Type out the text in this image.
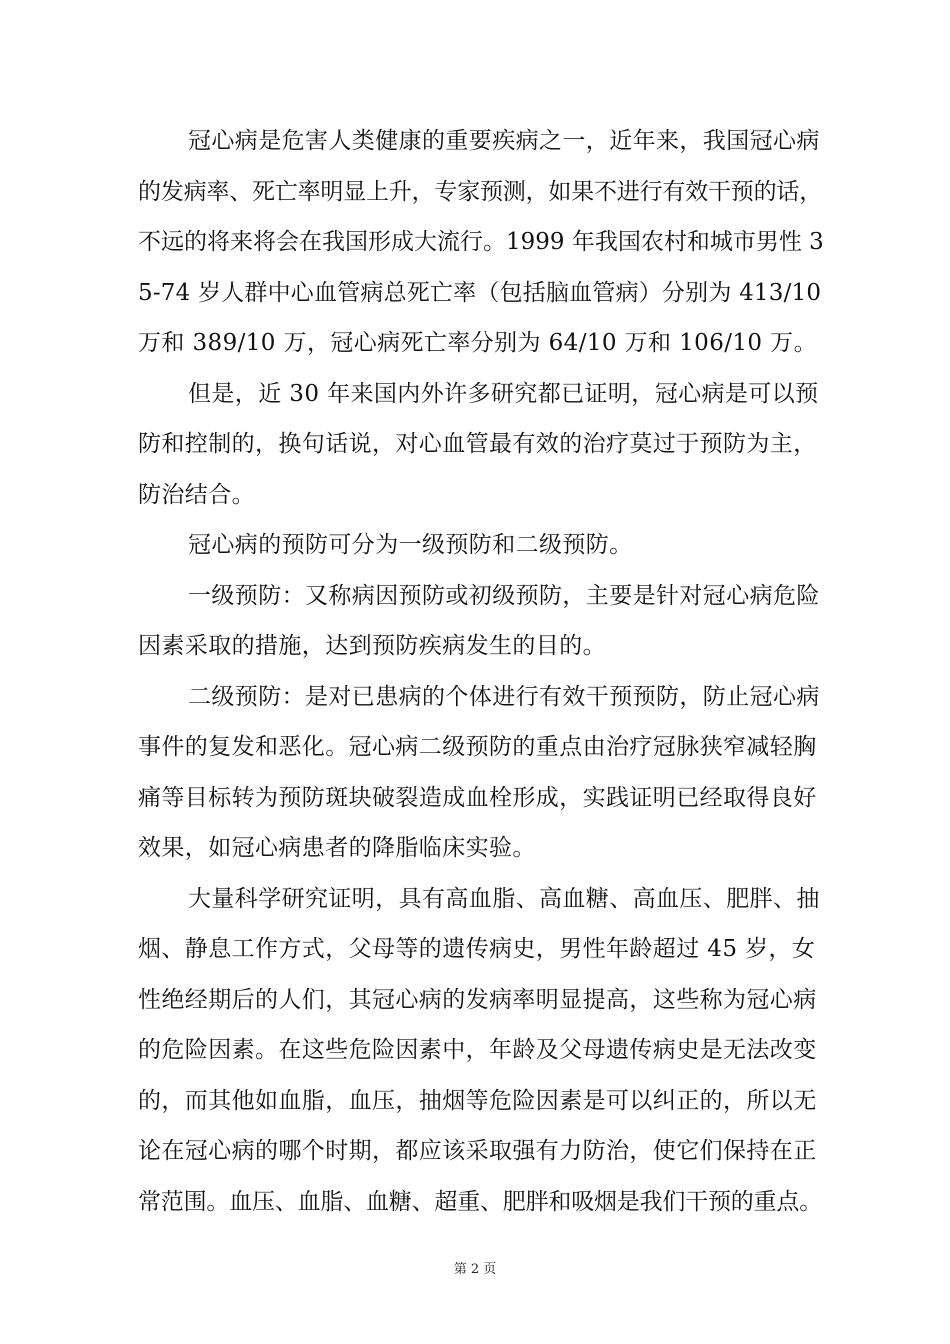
冠心病是危害人类健康的重要疾病之一，近年来，我国冠心病
的发病率、死亡率明显上升，专家预测，如果不进行有效干预的话，
不远的将来将会在我国形成大流行。1999 年我国农村和城市男性 3
5-74 岁人群中心血管病总死亡率（包括脑血管病）分别为 413/10
万和 389/10 万，冠心病死亡率分别为 64/10 万和 106/10 万。
但是，近 30 年来国内外许多研究都已证明，冠心病是可以预
防和控制的，换句话说，对心血管最有效的治疗莫过于预防为主，
防治结合。
冠心病的预防可分为一级预防和二级预防。
一级预防：又称病因预防或初级预防，主要是针对冠心病危险
因素采取的措施，达到预防疾病发生的目的。
二级预防：是对已患病的个体进行有效干预预防，防止冠心病
事件的复发和恶化。冠心病二级预防的重点由治疗冠脉狭窄减轻胸
痛等目标转为预防斑块破裂造成血栓形成，实践证明已经取得良好
效果，如冠心病患者的降脂临床实验。
大量科学研究证明，具有高血脂、高血糖、高血压、肥胖、抽
烟、静息工作方式，父母等的遗传病史，男性年龄超过 45 岁，女
性绝经期后的人们，其冠心病的发病率明显提高，这些称为冠心病
的危险因素。在这些危险因素中，年龄及父母遗传病史是无法改变
的，而其他如血脂，血压，抽烟等危险因素是可以纠正的，所以无
论在冠心病的哪个时期，都应该采取强有力防治，使它们保持在正
常范围。血压、血脂、血糖、超重、肥胖和吸烟是我们干预的重点。
第 2 页
